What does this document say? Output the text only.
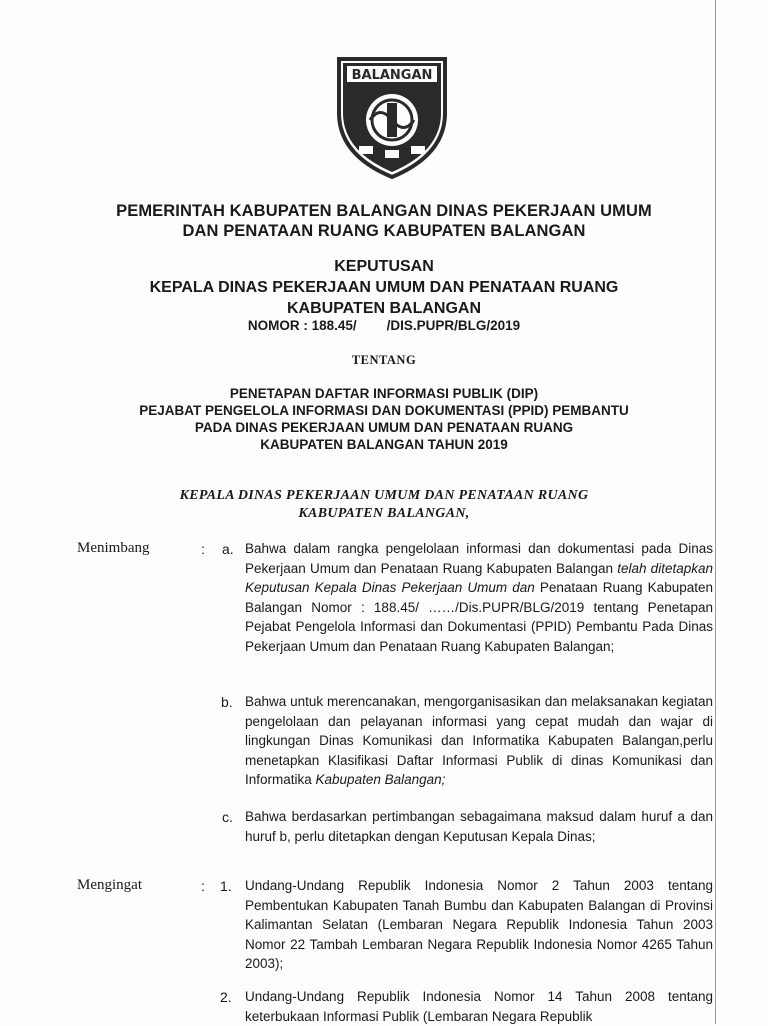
BALANGAN
PEMERINTAH KABUPATEN BALANGAN DINAS PEKERJAAN UMUM
DAN PENATAAN RUANG KABUPATEN BALANGAN
KEPUTUSAN
KEPALA DINAS PEKERJAAN UMUM DAN PENATAAN RUANG
KABUPATEN BALANGAN
NOMOR : 188.45/        /DIS.PUPR/BLG/2019
TENTANG
PENETAPAN DAFTAR INFORMASI PUBLIK (DIP)
PEJABAT PENGELOLA INFORMASI DAN DOKUMENTASI (PPID) PEMBANTU
PADA DINAS PEKERJAAN UMUM DAN PENATAAN RUANG
KABUPATEN BALANGAN TAHUN 2019
KEPALA DINAS PEKERJAAN UMUM DAN PENATAAN RUANG
KABUPATEN BALANGAN,
Menimbang	: a. Bahwa dalam rangka pengelolaan informasi dan dokumentasi pada Dinas Pekerjaan Umum dan Penataan Ruang Kabupaten Balangan telah ditetapkan Keputusan Kepala Dinas Pekerjaan Umum dan Penataan Ruang Kabupaten Balangan Nomor : 188.45/ ……/Dis.PUPR/BLG/2019 tentang Penetapan Pejabat Pengelola Informasi dan Dokumentasi (PPID) Pembantu Pada Dinas Pekerjaan Umum dan Penataan Ruang Kabupaten Balangan;
b. Bahwa untuk merencanakan, mengorganisasikan dan melaksanakan kegiatan pengelolaan dan pelayanan informasi yang cepat mudah dan wajar di lingkungan Dinas Komunikasi dan Informatika Kabupaten Balangan,perlu menetapkan Klasifikasi Daftar Informasi Publik di dinas Komunikasi dan Informatika Kabupaten Balangan;
c. Bahwa berdasarkan pertimbangan sebagaimana maksud dalam huruf a dan huruf b, perlu ditetapkan dengan Keputusan Kepala Dinas;
Mengingat	: 1. Undang-Undang Republik Indonesia Nomor 2 Tahun 2003 tentang Pembentukan Kabupaten Tanah Bumbu dan Kabupaten Balangan di Provinsi Kalimantan Selatan (Lembaran Negara Republik Indonesia Tahun 2003 Nomor 22 Tambah Lembaran Negara Republik Indonesia Nomor 4265 Tahun 2003);
2. Undang-Undang Republik Indonesia Nomor 14 Tahun 2008 tentang keterbukaan Informasi Publik (Lembaran Negara Republik
